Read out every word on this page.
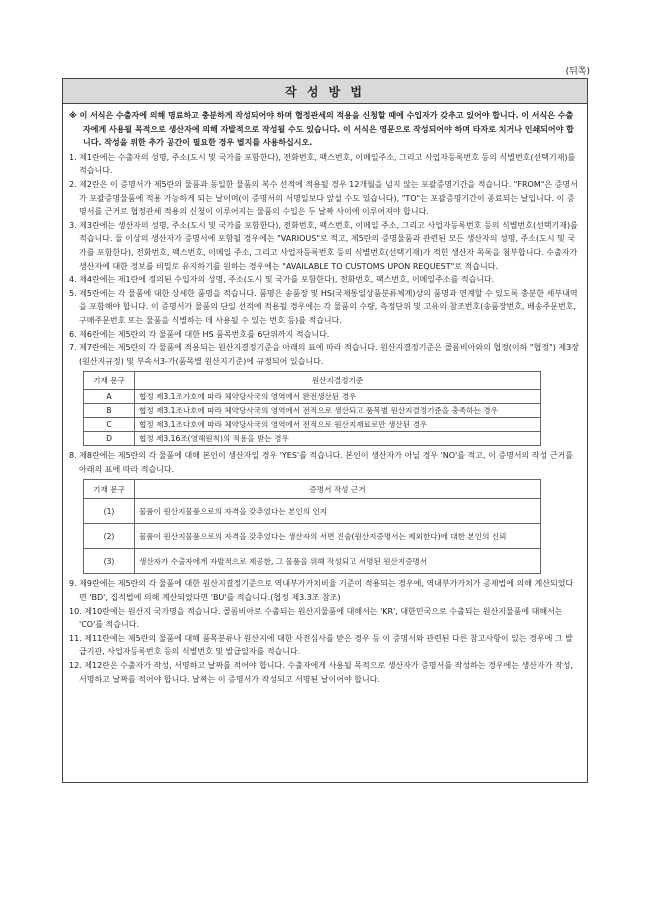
(뒤쪽)
작 성 방 법
※ 이 서식은 수출자에 의해 명료하고 충분하게 작성되어야 하며 협정관세의 적용을 신청할 때에 수입자가 갖추고 있어야 합니다. 이 서식은 수출자에게 사용될 목적으로 생산자에 의해 자발적으로 작성될 수도 있습니다. 이 서식은 영문으로 작성되어야 하며 타자로 치거나 인쇄되어야 합니다. 작성을 위한 추가 공간이 필요한 경우 별지를 사용하십시오.
1. 제1란에는 수출자의 성명, 주소(도시 및 국가를 포함한다), 전화번호, 팩스번호, 이메일주소, 그리고 사업자등록번호 등의 식별번호(선택기재)를 적습니다.
2. 제2란은 이 증명서가 제5란의 물품과 동일한 물품의 복수 선적에 적용될 경우 12개월을 넘지 않는 포괄증명기간을 적습니다. "FROM"은 증명서가 포괄증명물품에 적용 가능하게 되는 날이며(이 증명서의 서명일보다 앞설 수도 있습니다), "TO"는 포괄증명기간이 종료되는 날입니다. 이 증명서를 근거로 협정관세 적용의 신청이 이루어지는 물품의 수입은 두 날짜 사이에 이루어져야 합니다.
3. 제3란에는 생산자의 성명, 주소(도시 및 국가를 포함한다), 전화번호, 팩스번호, 이메일 주소, 그리고 사업자등록번호 등의 식별번호(선택기재)를 적습니다. 둘 이상의 생산자가 증명서에 포함될 경우에는 "VARIOUS"로 적고, 제5란의 증명물품과 관련된 모든 생산자의 성명, 주소(도시 및 국가를 포함한다), 전화번호, 팩스번호, 이메일 주소, 그리고 사업자등록번호 등의 식별번호(선택기재)가 적힌 생산자 목록을 첨부합니다. 수출자가 생산자에 대한 정보를 비밀로 유지하기를 원하는 경우에는 "AVAILABLE TO CUSTOMS UPON REQUEST"로 적습니다.
4. 제4란에는 제1란에 정의된 수입자의 성명, 주소(도시 및 국가를 포함한다), 전화번호, 팩스번호, 이메일주소를 적습니다.
5. 제5란에는 각 물품에 대한 상세한 품명을 적습니다. 품명은 송품장 및 HS(국제통일상품분류체계)상의 품명과 연계할 수 있도록 충분한 세부내역을 포함해야 합니다. 이 증명서가 물품의 단일 선적에 적용될 경우에는 각 물품의 수량, 측정단위 및 고유의 참조번호(송품장번호, 배송주문번호, 구매주문번호 또는 물품을 식별하는 데 사용될 수 있는 번호 등)를 적습니다.
6. 제6란에는 제5란의 각 물품에 대한 HS 품목번호를 6단위까지 적습니다.
7. 제7란에는 제5란의 각 물품에 적용되는 원산지결정기준을 아래의 표에 따라 적습니다. 원산지결정기준은 콜롬비아와의 협정(이하 "협정") 제3장(원산지규정) 및 부속서3-가(품목별 원산지기준)에 규정되어 있습니다.
기재 문구	원산지결정기준
A	협정 제3.1조가호에 따라 체약당사국의 영역에서 완전생산된 경우
B	협정 제3.1조나호에 따라 체약당사국의 영역에서 전적으로 생산되고 품목별 원산지결정기준을 충족하는 경우
C	협정 제3.1조다호에 따라 체약당사국의 영역에서 전적으로 원산지재료로만 생산된 경우
D	협정 제3.16조(영해원칙)의 적용을 받는 경우
8. 제8란에는 제5란의 각 물품에 대해 본인이 생산자일 경우 'YES'를 적습니다. 본인이 생산자가 아닐 경우 'NO'를 적고, 이 증명서의 작성 근거를 아래의 표에 따라 적습니다.
기재 문구	증명서 작성 근거
(1)	물품이 원산지물품으로의 자격을 갖추었다는 본인의 인지
(2)	물품이 원산지물품으로의 자격을 갖추었다는 생산자의 서면 진술(원산지증명서는 제외한다)에 대한 본인의 신뢰
(3)	생산자가 수출자에게 자발적으로 제공한, 그 물품을 위해 작성되고 서명된 원산지증명서
9. 제9란에는 제5란의 각 물품에 대한 원산지결정기준으로 역내부가가치비율 기준이 적용되는 경우에, 역내부가가치가 공제법에 의해 계산되었다면 'BD', 집적법에 의해 계산되었다면 'BU'를 적습니다.(협정 제3.3조 참조)
10. 제10란에는 원산지 국가명을 적습니다. 콜롬비아로 수출되는 원산지물품에 대해서는 'KR', 대한민국으로 수출되는 원산지물품에 대해서는 'CO'를 적습니다.
11. 제11란에는 제5란의 물품에 대해 품목분류나 원산지에 대한 사전심사를 받은 경우 등 이 증명서와 관련된 다른 참고사항이 있는 경우에 그 발급기관, 사업자등록번호 등의 식별번호 및 발급일자를 적습니다.
12. 제12란은 수출자가 작성, 서명하고 날짜를 적어야 합니다. 수출자에게 사용될 목적으로 생산자가 증명서를 작성하는 경우에는 생산자가 작성, 서명하고 날짜를 적어야 합니다. 날짜는 이 증명서가 작성되고 서명된 날이어야 합니다.
